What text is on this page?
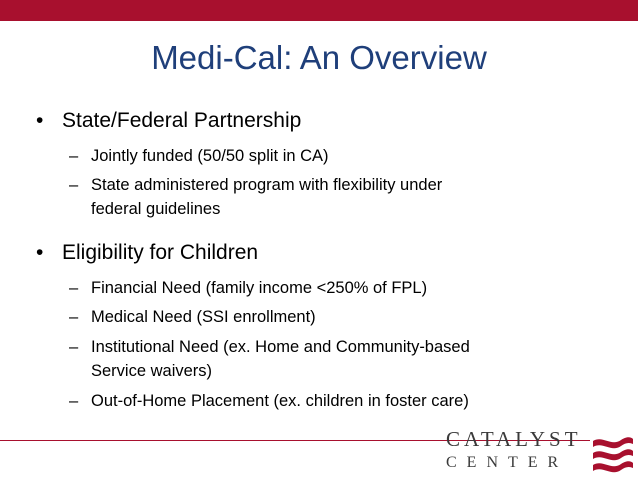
Medi-Cal: An Overview
• State/Federal Partnership
– Jointly funded (50/50 split in CA)
– State administered program with flexibility under
federal guidelines
• Eligibility for Children
– Financial Need (family income <250% of FPL)
– Medical Need (SSI enrollment)
– Institutional Need (ex. Home and Community-based
Service waivers)
– Out-of-Home Placement (ex. children in foster care)
CATALYST
CENTER
